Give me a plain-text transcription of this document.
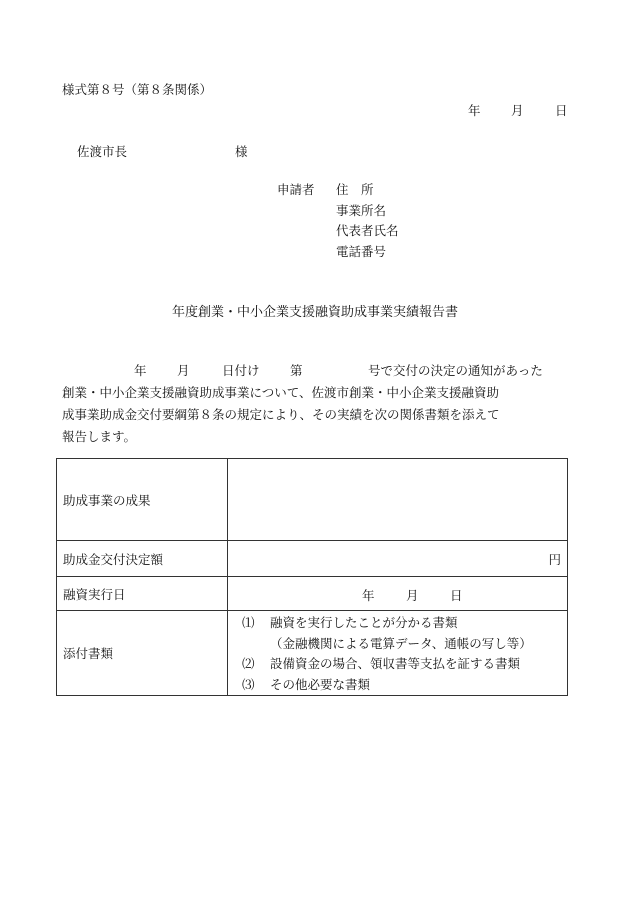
様式第８号（第８条関係）
年 月	日
佐渡市長	様
申請者 住　所
事業所名
代表者氏名
電話番号
年度創業・中小企業支援融資助成事業実績報告書
年 月	日付け 第	号で交付の決定の通知があった
創業・中小企業支援融資助成事業について、佐渡市創業・中小企業支援融資助
成事業助成金交付要綱第８条の規定により、その実績を次の関係書類を添えて
報告します。
助成事業の成果	
助成金交付決定額	円
融資実行日	年 月 日

添付書類	⑴ 融資を実行したことが分かる書類
（金融機関による電算データ、通帳の写し等）
⑵ 設備資金の場合、領収書等支払を証する書類
⑶ その他必要な書類
